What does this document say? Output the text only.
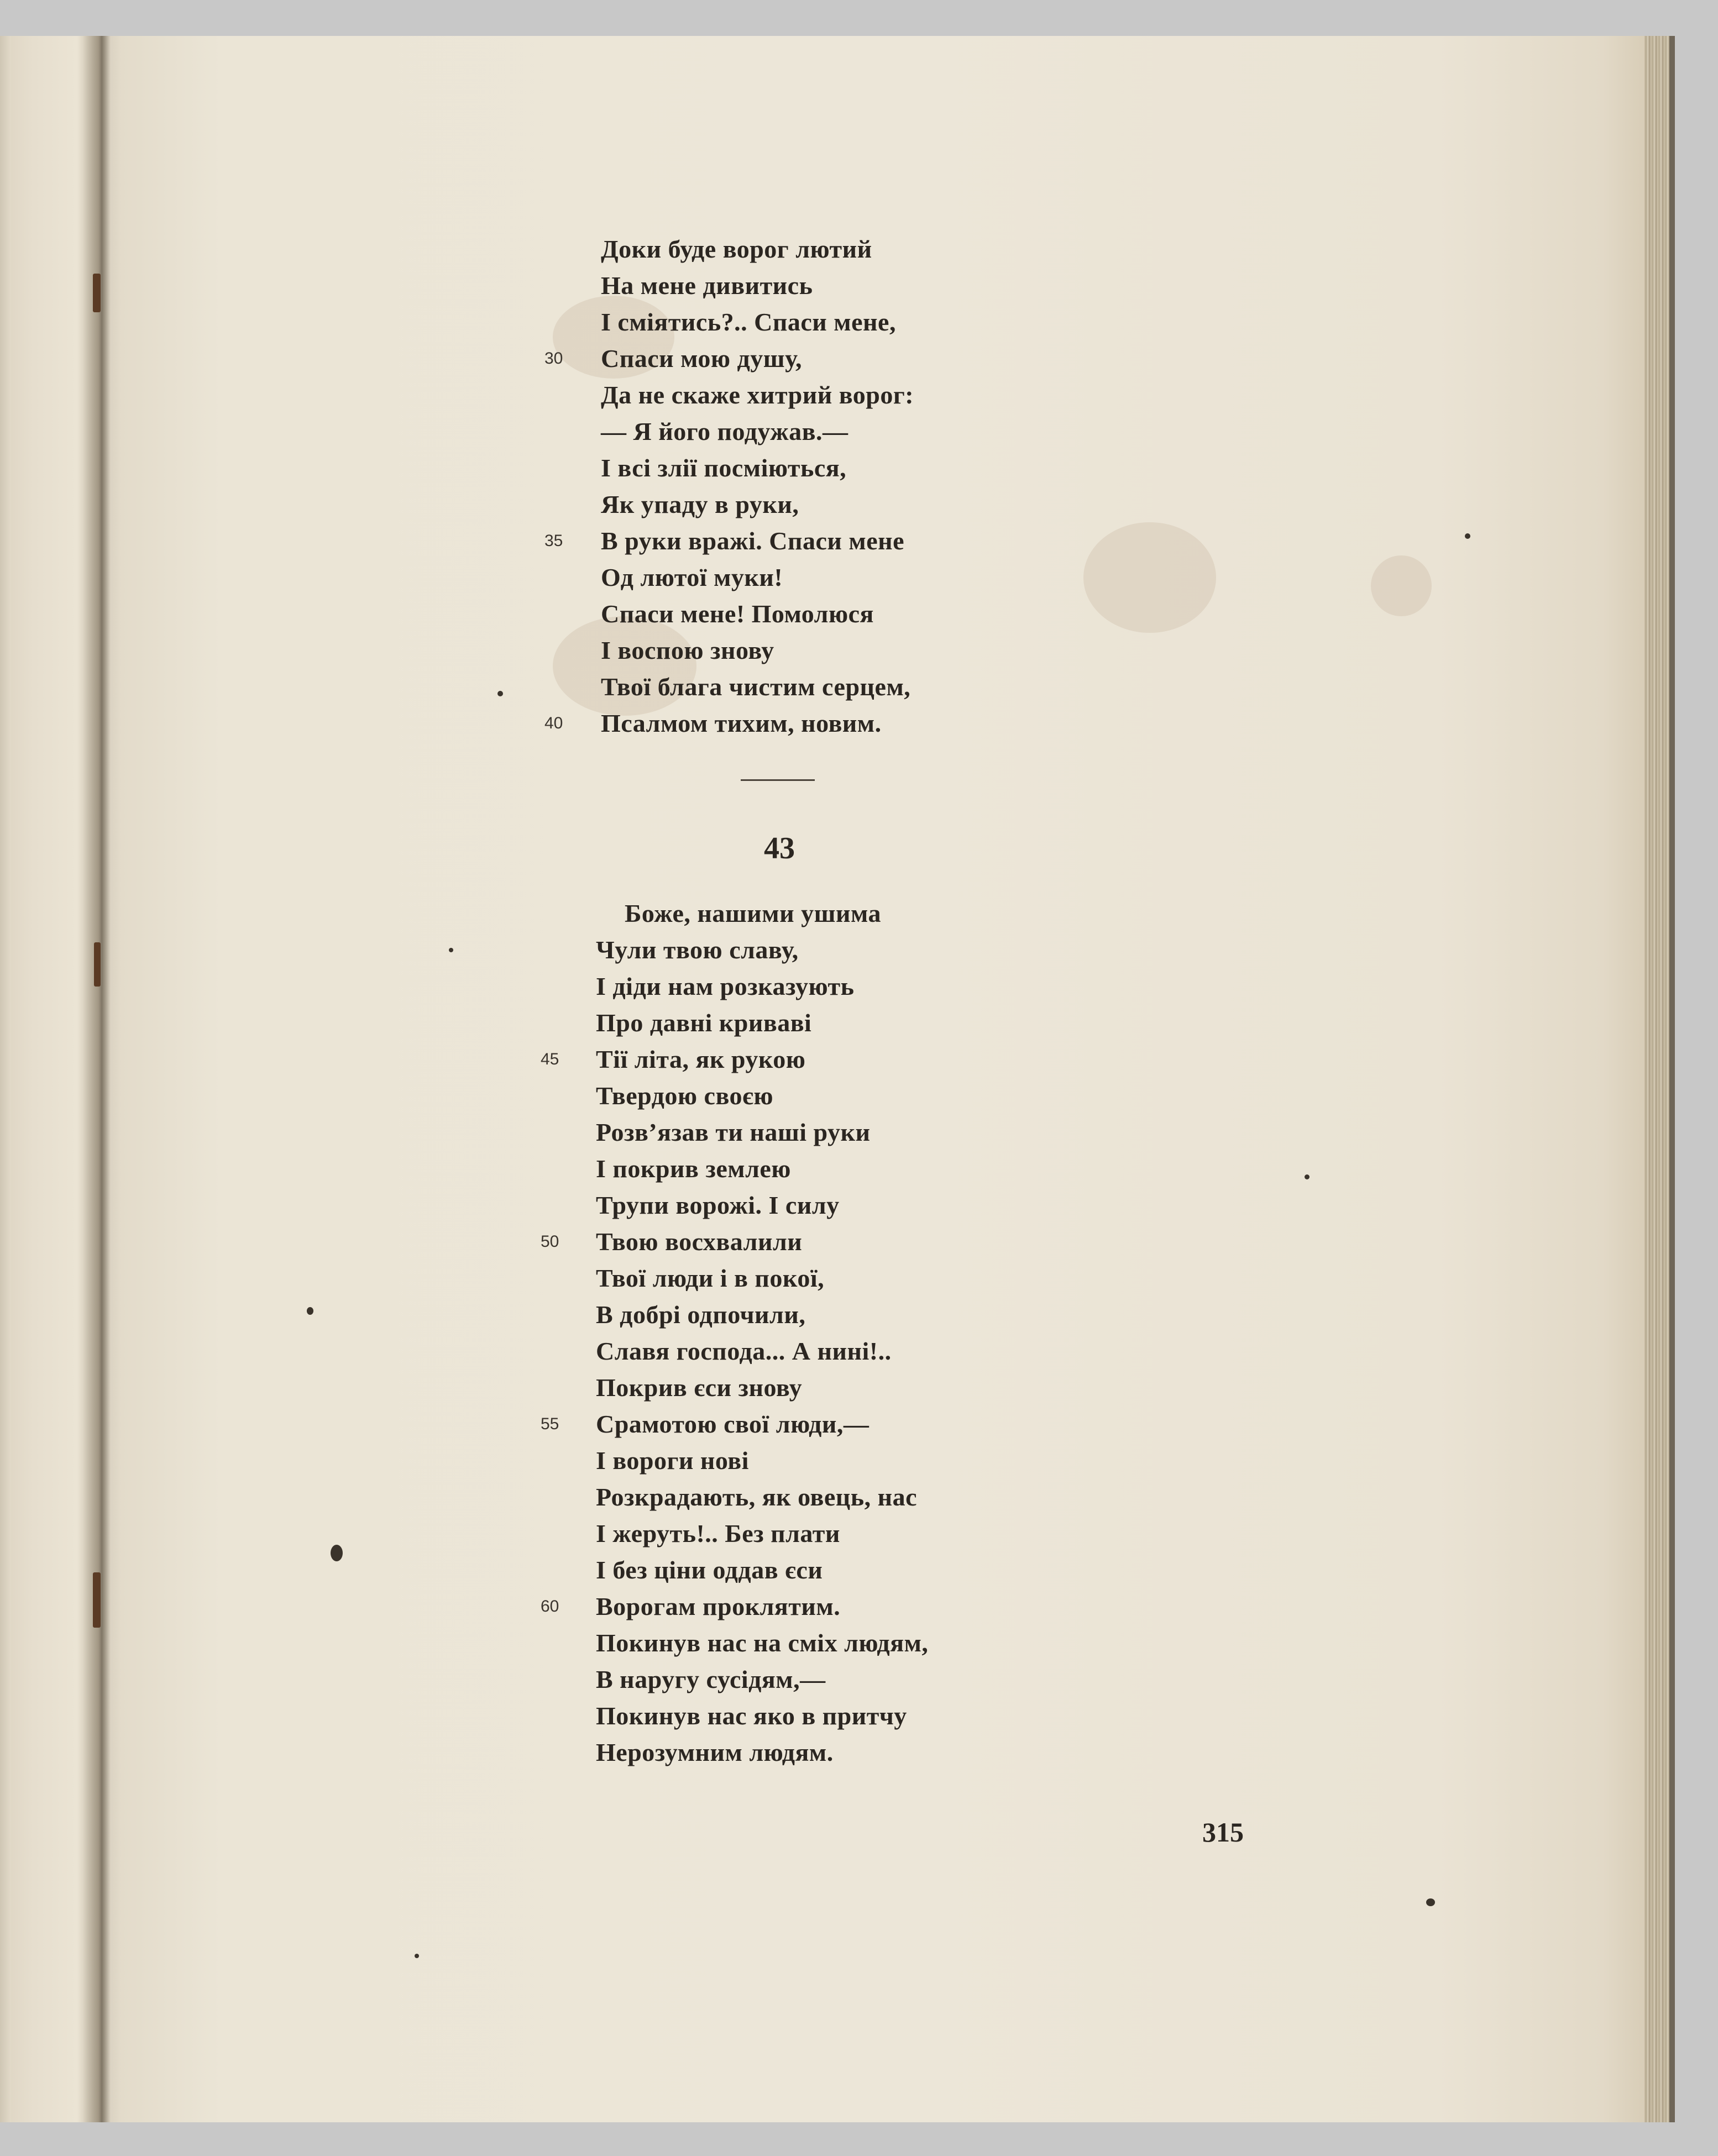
Доки буде ворог лютий
На мене дивитись
І сміятись?.. Спаси мене,
Спаси мою душу,
Да не скаже хитрий ворог:
— Я його подужав.—
І всі злії посміються,
Як упаду в руки,
В руки вражі. Спаси мене
Од лютої муки!
Спаси мене! Помолюся
І воспою знову
Твої блага чистим серцем,
Псалмом тихим, новим.
30
35
40
43
Боже, нашими ушима
Чули твою славу,
І діди нам розказують
Про давні криваві
Тії літа, як рукою
Твердою своєю
Розв’язав ти наші руки
І покрив землею
Трупи ворожі. І силу
Твою восхвалили
Твої люди і в покої,
В добрі одпочили,
Славя господа... А нині!..
Покрив єси знову
Срамотою свої люди,—
І вороги нові
Розкрадають, як овець, нас
І жеруть!.. Без плати
І без ціни оддав єси
Ворогам проклятим.
Покинув нас на сміх людям,
В наругу сусідям,—
Покинув нас яко в притчу
Нерозумним людям.
45
50
55
60
315
